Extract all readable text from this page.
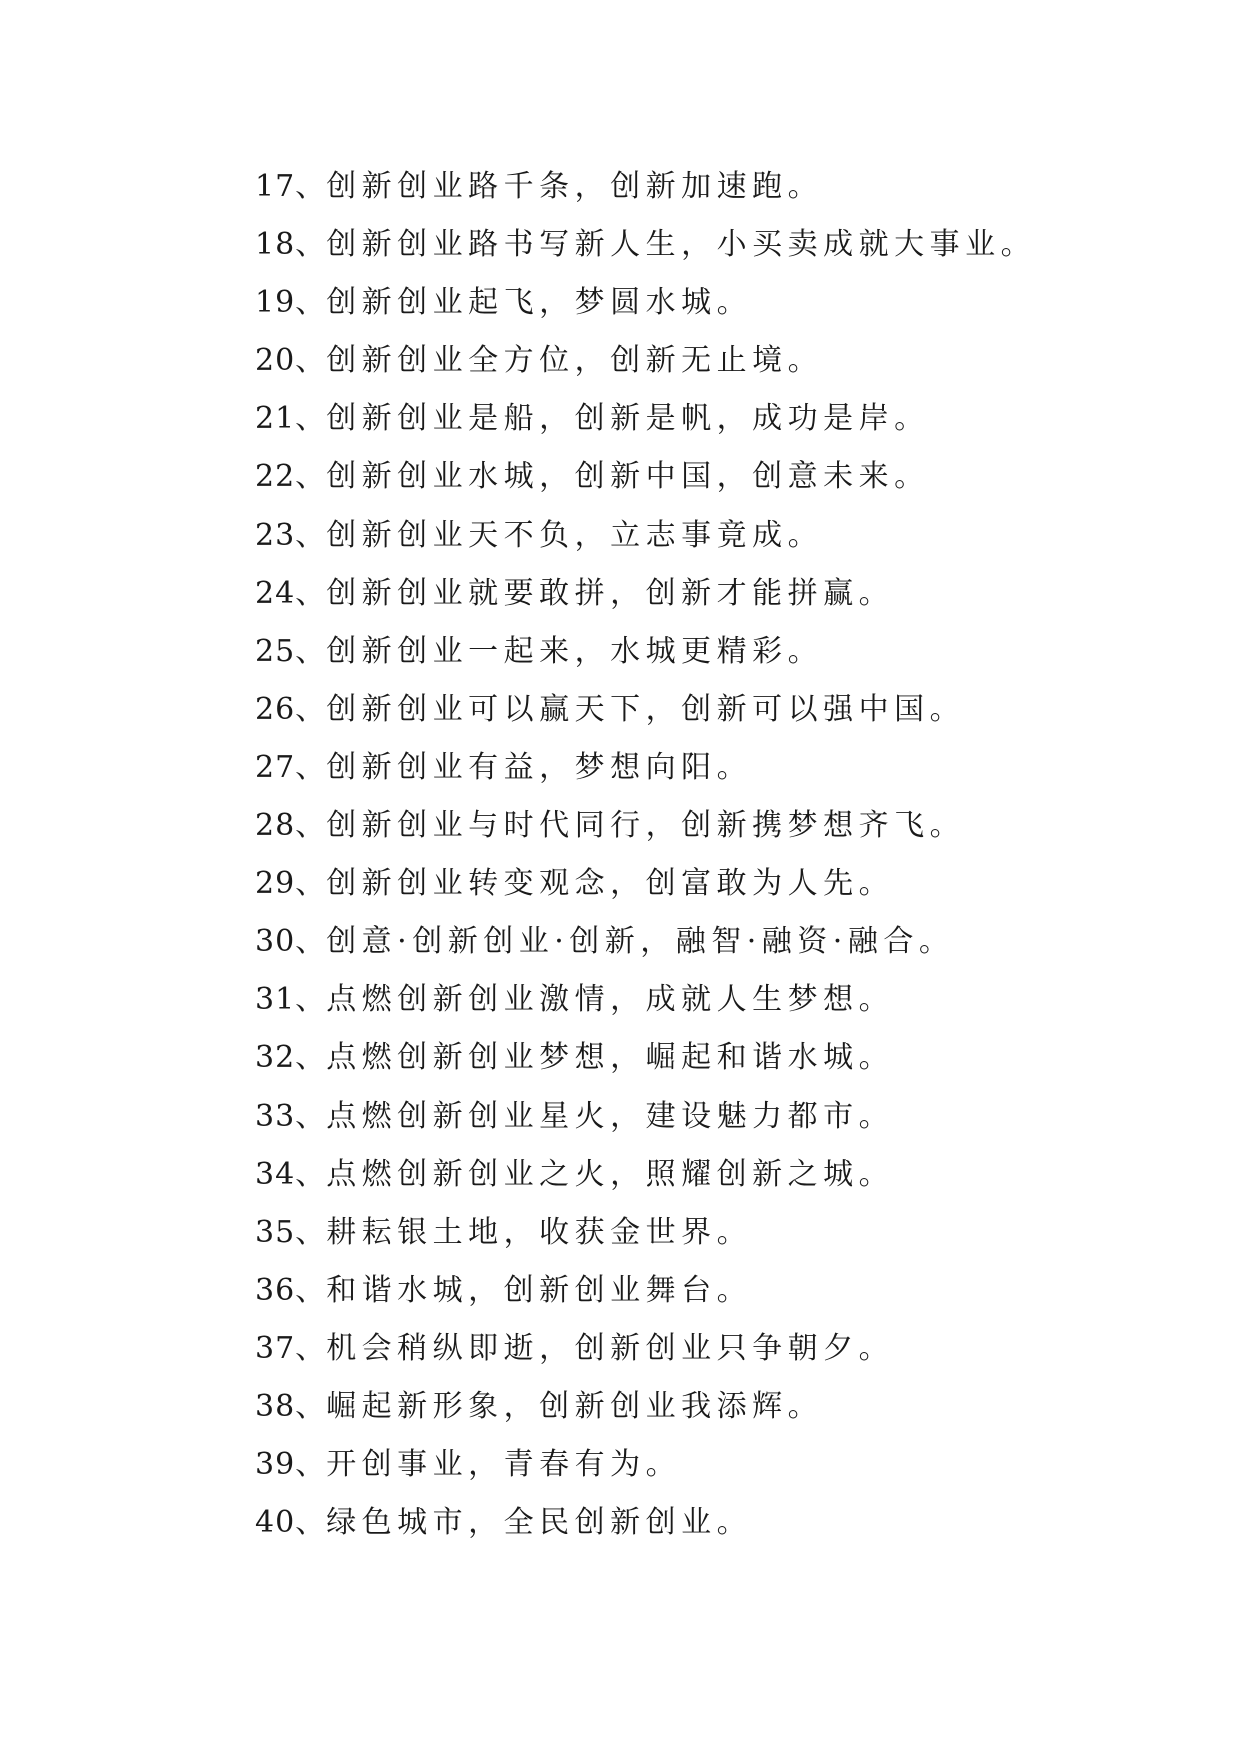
17、创新创业路千条，创新加速跑。
18、创新创业路书写新人生，小买卖成就大事业。
19、创新创业起飞，梦圆水城。
20、创新创业全方位，创新无止境。
21、创新创业是船，创新是帆，成功是岸。
22、创新创业水城，创新中国，创意未来。
23、创新创业天不负，立志事竟成。
24、创新创业就要敢拼，创新才能拼赢。
25、创新创业一起来，水城更精彩。
26、创新创业可以赢天下，创新可以强中国。
27、创新创业有益，梦想向阳。
28、创新创业与时代同行，创新携梦想齐飞。
29、创新创业转变观念，创富敢为人先。
30、创意·创新创业·创新，融智·融资·融合。
31、点燃创新创业激情，成就人生梦想。
32、点燃创新创业梦想，崛起和谐水城。
33、点燃创新创业星火，建设魅力都市。
34、点燃创新创业之火，照耀创新之城。
35、耕耘银土地，收获金世界。
36、和谐水城，创新创业舞台。
37、机会稍纵即逝，创新创业只争朝夕。
38、崛起新形象，创新创业我添辉。
39、开创事业，青春有为。
40、绿色城市，全民创新创业。
